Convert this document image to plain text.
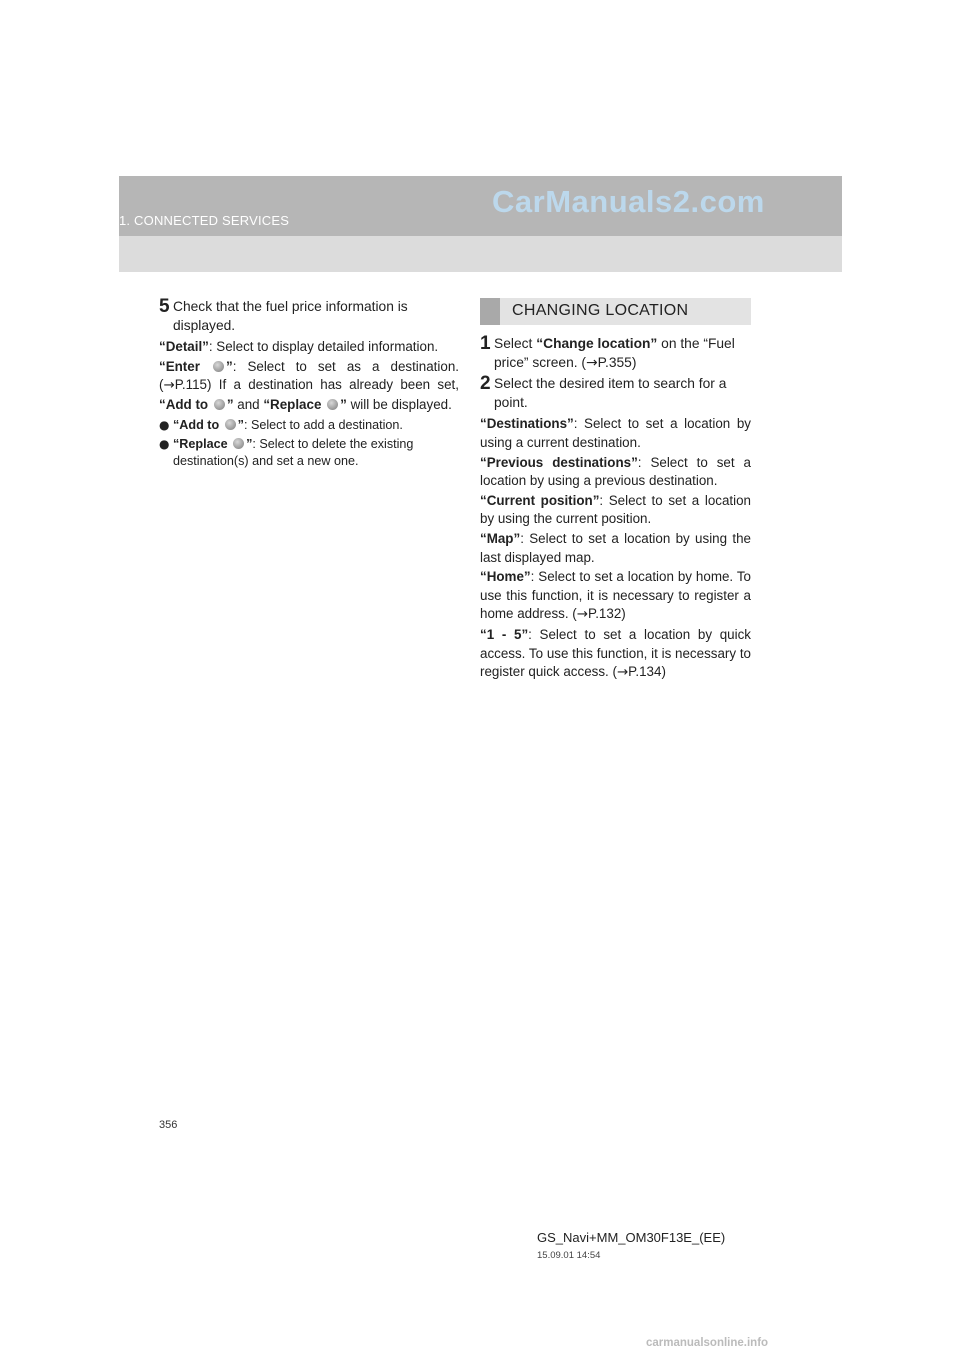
1. CONNECTED SERVICES
CarManuals2.com
5 Check that the fuel price information is displayed.

“Detail”: Select to display detailed information.

“Enter ”: Select to set as a destination. (→P.115) If a destination has already been set, “Add to ” and “Replace ” will be displayed.

● “Add to ”: Select to add a destination.
● “Replace ”: Select to delete the existing destination(s) and set a new one.
CHANGING LOCATION
1 Select “Change location” on the “Fuel price” screen. (→P.355)
2 Select the desired item to search for a point.

“Destinations”: Select to set a location by using a current destination.

“Previous destinations”: Select to set a location by using a previous destination.

“Current position”: Select to set a location by using the current position.

“Map”: Select to set a location by using the last displayed map.

“Home”: Select to set a location by home. To use this function, it is necessary to register a home address. (→P.132)

“1 - 5”: Select to set a location by quick access. To use this function, it is necessary to register quick access. (→P.134)

356
GS_Navi+MM_OM30F13E_(EE)
15.09.01 14:54
carmanualsonline.info
